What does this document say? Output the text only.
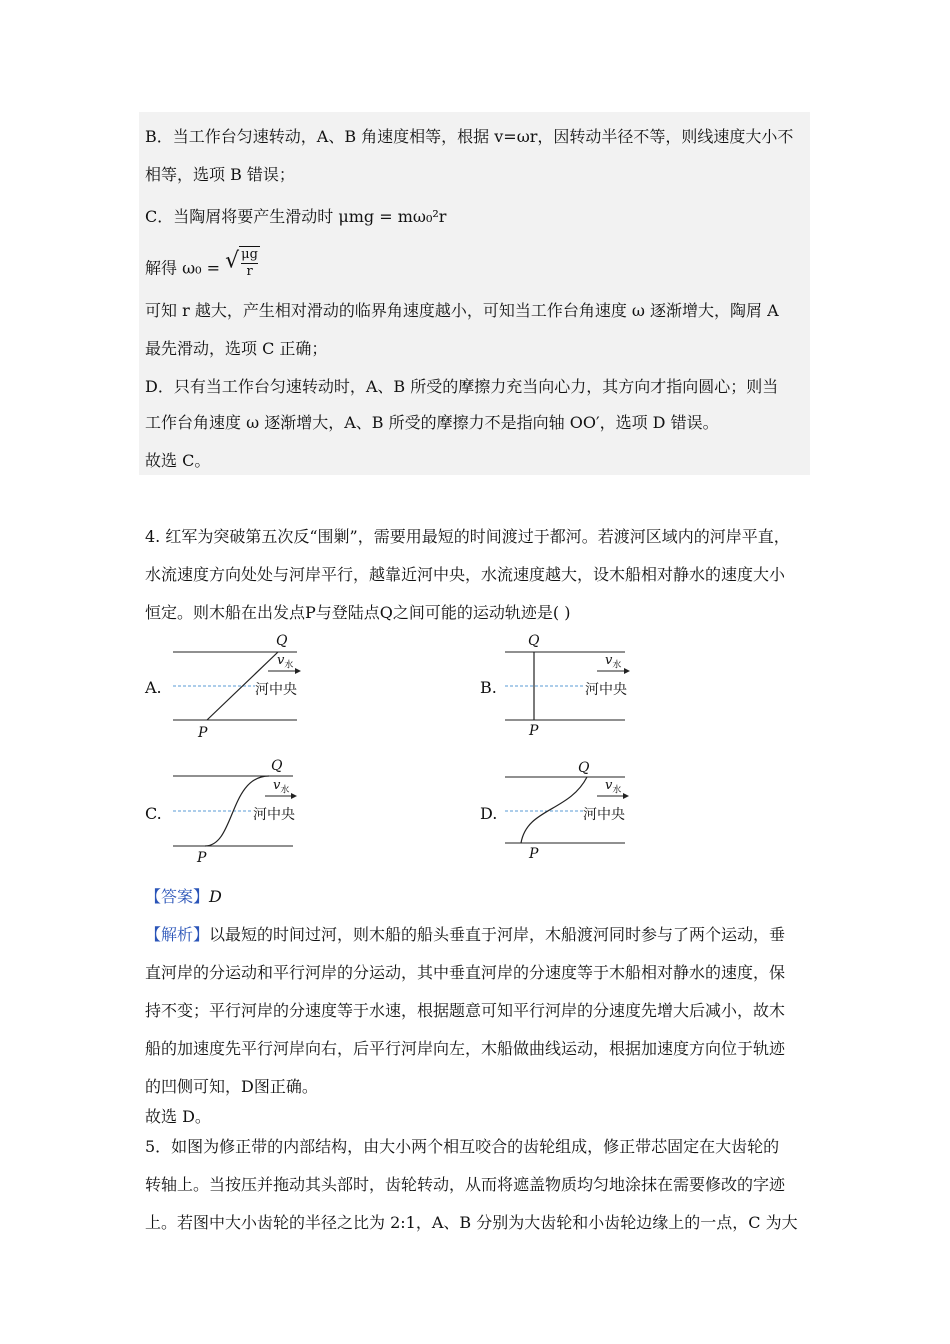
B．当工作台匀速转动，A、B 角速度相等，根据 v=ωr，因转动半径不等，则线速度大小不
相等，选项 B 错误；
C．当陶屑将要产生滑动时 μmg = mω₀²r
解得 ω₀ = √ $\frac{\mu g}{r}$
可知 r 越大，产生相对滑动的临界角速度越小，可知当工作台角速度 ω 逐渐增大，陶屑 A
最先滑动，选项 C 正确；
D．只有当工作台匀速转动时，A、B 所受的摩擦力充当向心力，其方向才指向圆心；则当
工作台角速度 ω 逐渐增大，A、B 所受的摩擦力不是指向轴 OO′，选项 D 错误。
故选 C。
4. 红军为突破第五次反“围剿”，需要用最短的时间渡过于都河。若渡河区域内的河岸平直，
水流速度方向处处与河岸平行，越靠近河中央，水流速度越大，设木船相对静水的速度大小
恒定。则木船在出发点P与登陆点Q之间可能的运动轨迹是( )
A.
Q
P
$v_水$
河中央	B.
Q
P
$v_水$
河中央
C.
Q
P
$v_水$
河中央	D.
Q
P
$v_水$
河中央
【答案】D
【解析】以最短的时间过河，则木船的船头垂直于河岸，木船渡河同时参与了两个运动，垂
直河岸的分运动和平行河岸的分运动，其中垂直河岸的分速度等于木船相对静水的速度，保
持不变；平行河岸的分速度等于水速，根据题意可知平行河岸的分速度先增大后减小，故木
船的加速度先平行河岸向右，后平行河岸向左，木船做曲线运动，根据加速度方向位于轨迹
的凹侧可知，D图正确。
故选 D。
5．如图为修正带的内部结构，由大小两个相互咬合的齿轮组成，修正带芯固定在大齿轮的
转轴上。当按压并拖动其头部时，齿轮转动，从而将遮盖物质均匀地涂抹在需要修改的字迹
上。若图中大小齿轮的半径之比为 2:1，A、B 分别为大齿轮和小齿轮边缘上的一点，C 为大
